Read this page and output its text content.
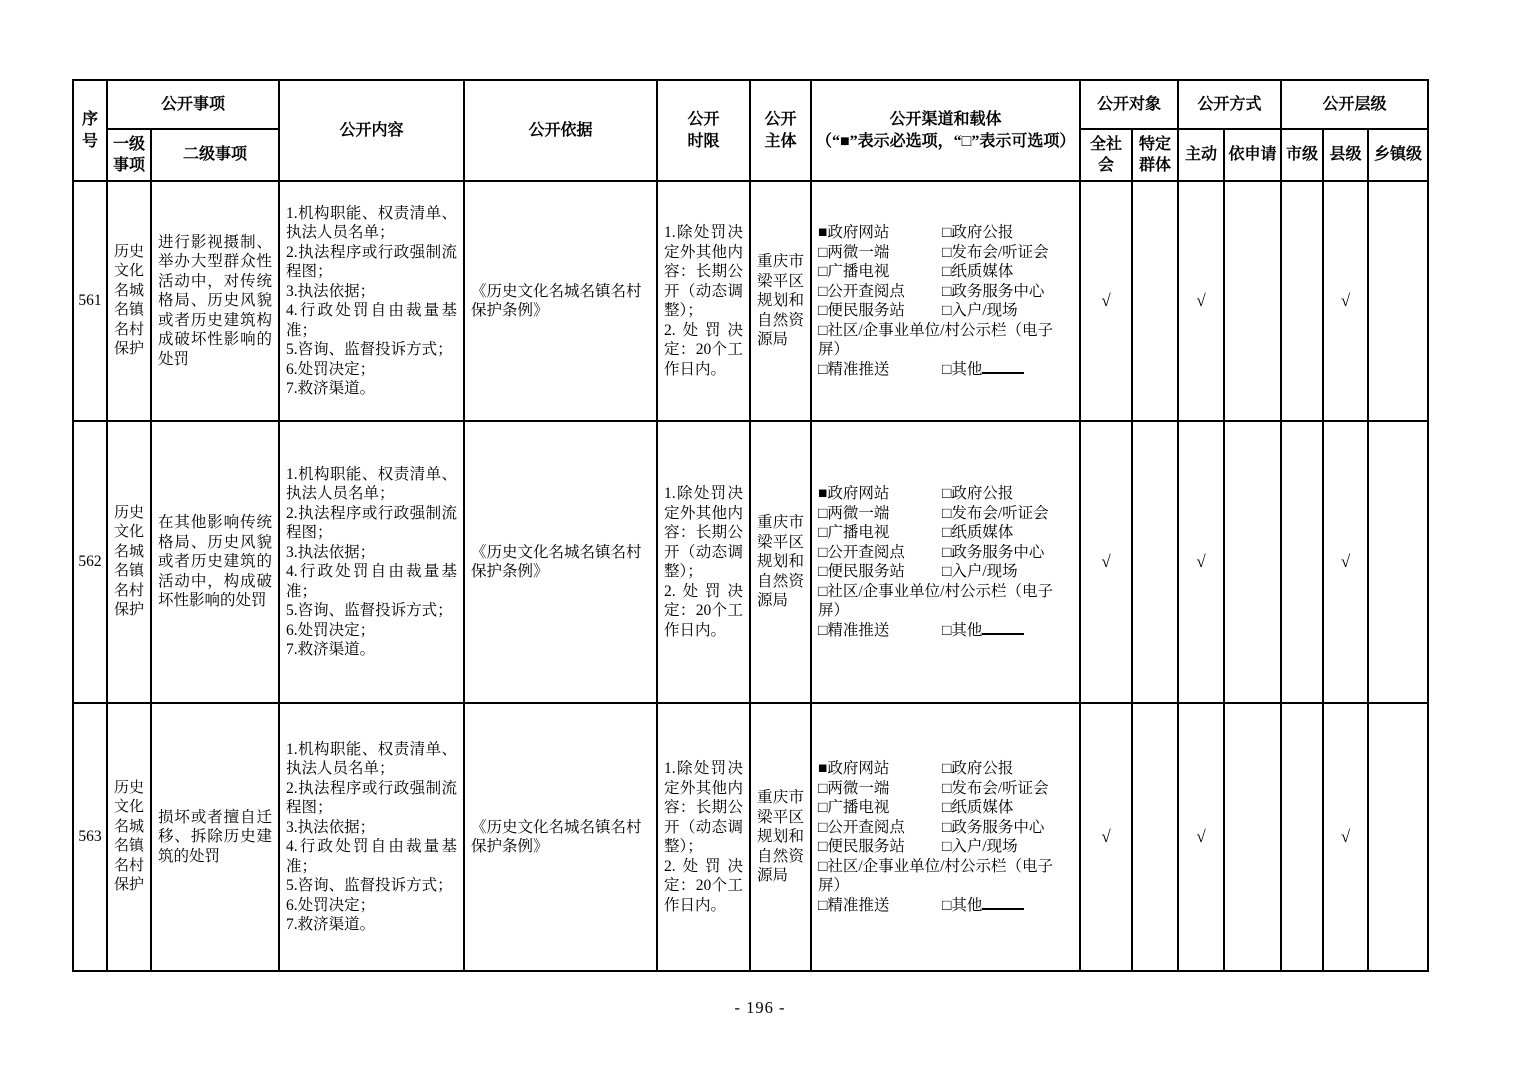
序号	公开事项		公开内容	公开依据	公开时限	公开主体	公开渠道和载体
（“■”表示必选项，“□”表示可选项）	公开对象		公开方式		公开层级		
	一级事项	二级事项						全社会	特定群体	主动	依申请	市级	县级	乡镇级
561	历史文化名城名镇名村保护	进行影视摄制、举办大型群众性活动中，对传统格局、历史风貌或者历史建筑构成破坏性影响的处罚	
1.机构职能、权责清单、执法人员名单；
2.执法程序或行政强制流程图；
3.执法依据；
4.行政处罚自由裁量基准；
5.咨询、监督投诉方式；
6.处罚决定；
7.救济渠道。
	《历史文化名城名镇名村保护条例》	
1.除处罚决定外其他内容：长期公开（动态调整）；
2.处罚决定：20个工作日内。
	重庆市梁平区规划和自然资源局	
■政府网站	□政府公报
□两微一端	□发布会/听证会
□广播电视	□纸质媒体
□公开查阅点 □政务服务中心
□便民服务站 □入户/现场
□社区/企事业单位/村公示栏（电子屏）
□精准推送	□其他
	√		√			√	
562	历史文化名城名镇名村保护	在其他影响传统格局、历史风貌或者历史建筑的活动中，构成破坏性影响的处罚	
1.机构职能、权责清单、执法人员名单；
2.执法程序或行政强制流程图；
3.执法依据；
4.行政处罚自由裁量基准；
5.咨询、监督投诉方式；
6.处罚决定；
7.救济渠道。
	《历史文化名城名镇名村保护条例》	
1.除处罚决定外其他内容：长期公开（动态调整）；
2.处罚决定：20个工作日内。
	重庆市梁平区规划和自然资源局	
■政府网站	□政府公报
□两微一端	□发布会/听证会
□广播电视	□纸质媒体
□公开查阅点 □政务服务中心
□便民服务站 □入户/现场
□社区/企事业单位/村公示栏（电子屏）
□精准推送	□其他
	√		√			√	
563	历史文化名城名镇名村保护	损坏或者擅自迁移、拆除历史建筑的处罚	
1.机构职能、权责清单、执法人员名单；
2.执法程序或行政强制流程图；
3.执法依据；
4.行政处罚自由裁量基准；
5.咨询、监督投诉方式；
6.处罚决定；
7.救济渠道。
	《历史文化名城名镇名村保护条例》	
1.除处罚决定外其他内容：长期公开（动态调整）；
2.处罚决定：20个工作日内。
	重庆市梁平区规划和自然资源局	
■政府网站	□政府公报
□两微一端	□发布会/听证会
□广播电视	□纸质媒体
□公开查阅点 □政务服务中心
□便民服务站 □入户/现场
□社区/企事业单位/村公示栏（电子屏）
□精准推送	□其他
	√		√			√	
- 196 -
